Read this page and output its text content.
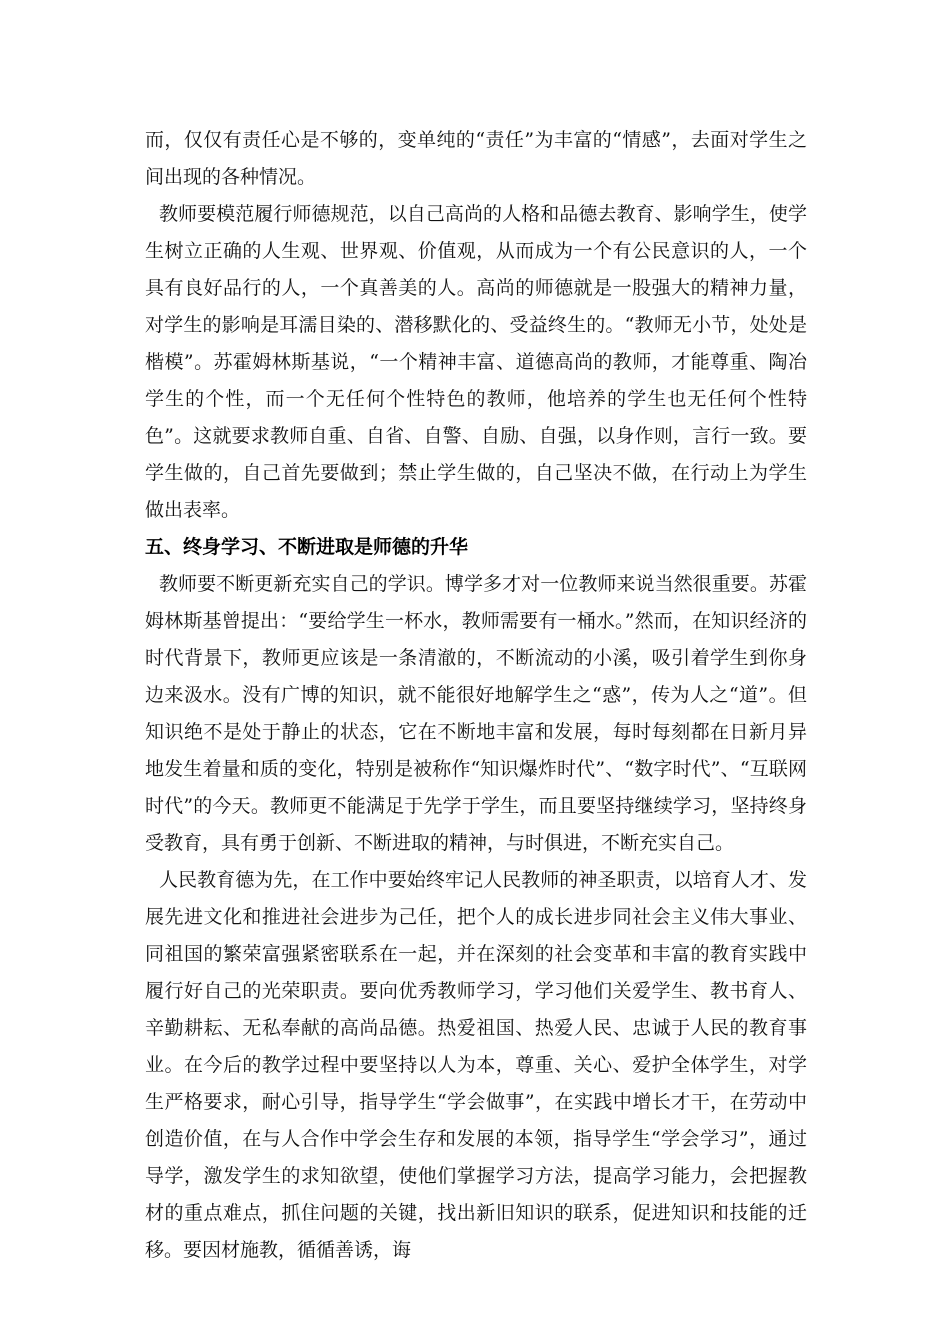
而，仅仅有责任心是不够的，变单纯的“责任”为丰富的“情感”，去面对学生之间出现的各种情况。

教师要模范履行师德规范，以自己高尚的人格和品德去教育、影响学生，使学生树立正确的人生观、世界观、价值观，从而成为一个有公民意识的人，一个具有良好品行的人，一个真善美的人。高尚的师德就是一股强大的精神力量，对学生的影响是耳濡目染的、潜移默化的、受益终生的。“教师无小节，处处是楷模”。苏霍姆林斯基说，“一个精神丰富、道德高尚的教师，才能尊重、陶冶学生的个性，而一个无任何个性特色的教师，他培养的学生也无任何个性特色”。这就要求教师自重、自省、自警、自励、自强，以身作则，言行一致。要学生做的，自己首先要做到；禁止学生做的，自己坚决不做，在行动上为学生做出表率。

五、终身学习、不断进取是师德的升华

教师要不断更新充实自己的学识。博学多才对一位教师来说当然很重要。苏霍姆林斯基曾提出：“要给学生一杯水，教师需要有一桶水。”然而，在知识经济的时代背景下，教师更应该是一条清澈的，不断流动的小溪，吸引着学生到你身边来汲水。没有广博的知识，就不能很好地解学生之“惑”，传为人之“道”。但知识绝不是处于静止的状态，它在不断地丰富和发展，每时每刻都在日新月异地发生着量和质的变化，特别是被称作“知识爆炸时代”、“数字时代”、“互联网时代”的今天。教师更不能满足于先学于学生，而且要坚持继续学习，坚持终身受教育，具有勇于创新、不断进取的精神，与时俱进，不断充实自己。

人民教育德为先，在工作中要始终牢记人民教师的神圣职责，以培育人才、发展先进文化和推进社会进步为己任，把个人的成长进步同社会主义伟大事业、同祖国的繁荣富强紧密联系在一起，并在深刻的社会变革和丰富的教育实践中履行好自己的光荣职责。要向优秀教师学习，学习他们关爱学生、教书育人、辛勤耕耘、无私奉献的高尚品德。热爱祖国、热爱人民、忠诚于人民的教育事业。在今后的教学过程中要坚持以人为本，尊重、关心、爱护全体学生，对学生严格要求，耐心引导，指导学生“学会做事”，在实践中增长才干，在劳动中创造价值，在与人合作中学会生存和发展的本领，指导学生“学会学习”，通过导学，激发学生的求知欲望，使他们掌握学习方法，提高学习能力，会把握教材的重点难点，抓住问题的关键，找出新旧知识的联系，促进知识和技能的迁移。要因材施教，循循善诱，诲
